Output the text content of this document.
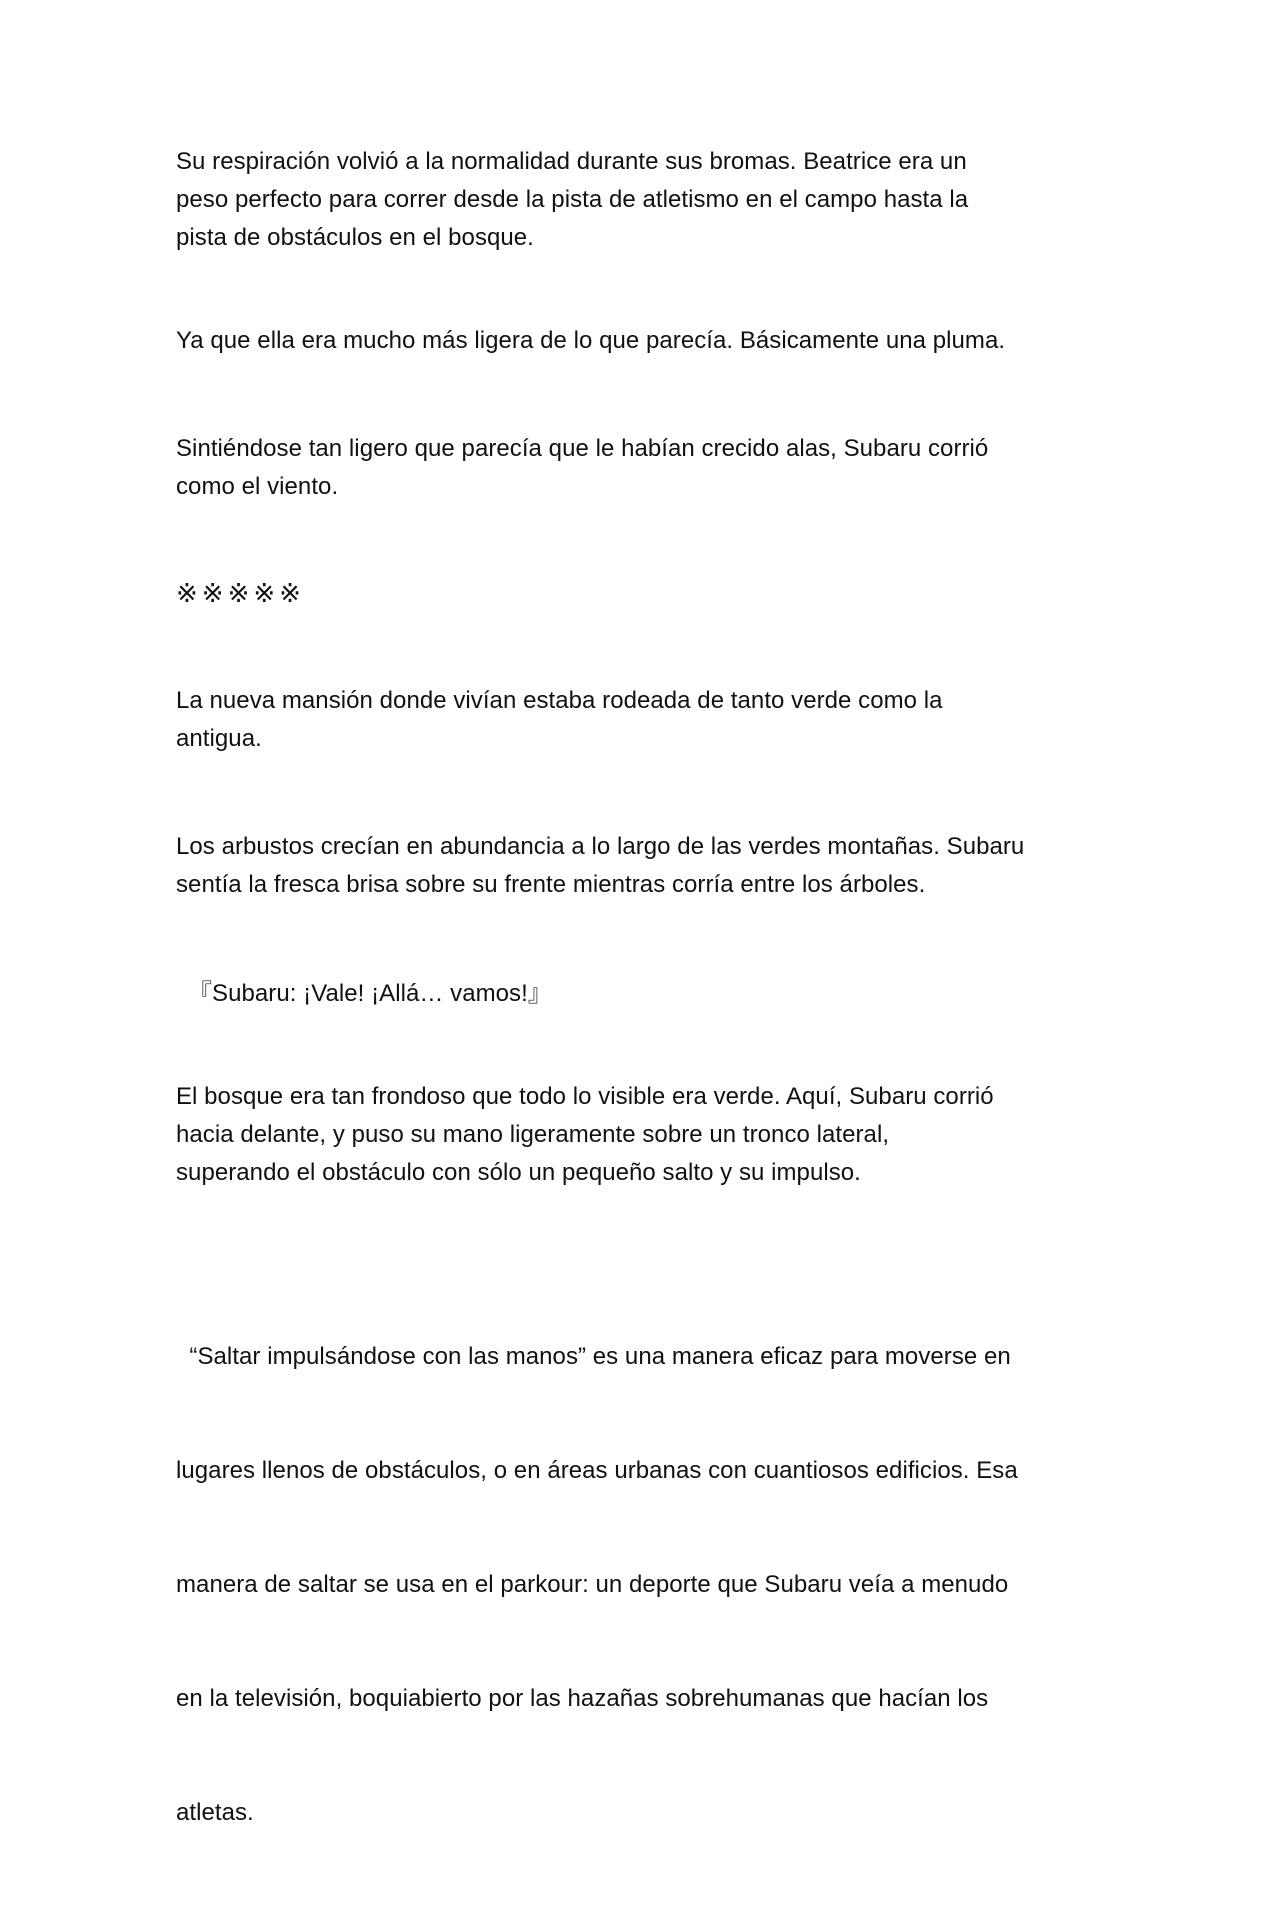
Su respiración volvió a la normalidad durante sus bromas. Beatrice era un
peso perfecto para correr desde la pista de atletismo en el campo hasta la
pista de obstáculos en el bosque.

Ya que ella era mucho más ligera de lo que parecía. Básicamente una pluma.

Sintiéndose tan ligero que parecía que le habían crecido alas, Subaru corrió
como el viento.

※※※※※

La nueva mansión donde vivían estaba rodeada de tanto verde como la
antigua.

Los arbustos crecían en abundancia a lo largo de las verdes montañas. Subaru
sentía la fresca brisa sobre su frente mientras corría entre los árboles.

『Subaru: ¡Vale! ¡Allá… vamos!』

El bosque era tan frondoso que todo lo visible era verde. Aquí, Subaru corrió
hacia delante, y puso su mano ligeramente sobre un tronco lateral,
superando el obstáculo con sólo un pequeño salto y su impulso.

“Saltar impulsándose con las manos” es una manera eficaz para moverse en

lugares llenos de obstáculos, o en áreas urbanas con cuantiosos edificios. Esa

manera de saltar se usa en el parkour: un deporte que Subaru veía a menudo

en la televisión, boquiabierto por las hazañas sobrehumanas que hacían los

atletas.
